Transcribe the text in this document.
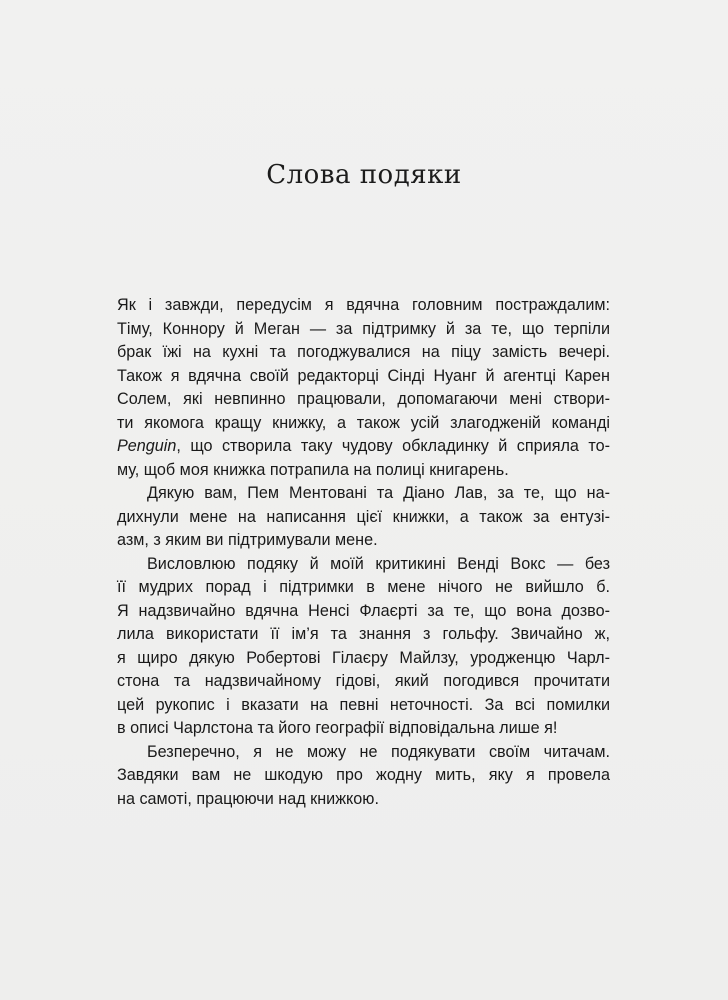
Слова подяки
Як і завжди, передусім я вдячна головним постраждалим:
Тіму, Коннору й Меган — за підтримку й за те, що терпіли
брак їжі на кухні та погоджувалися на піцу замість вечері.
Також я вдячна своїй редакторці Сінді Нуанг й агентці Карен
Солем, які невпинно працювали, допомагаючи мені створи-
ти якомога кращу книжку, а також усій злагодженій команді
Penguin, що створила таку чудову обкладинку й сприяла то-
му, щоб моя книжка потрапила на полиці книгарень.
Дякую вам, Пем Ментовані та Діано Лав, за те, що на-
дихнули мене на написання цієї книжки, а також за ентузі-
азм, з яким ви підтримували мене.
Висловлюю подяку й моїй критикині Венді Вокс — без
її мудрих порад і підтримки в мене нічого не вийшло б.
Я надзвичайно вдячна Ненсі Флаєрті за те, що вона дозво-
лила використати її ім’я та знання з гольфу. Звичайно ж,
я щиро дякую Робертові Гілаєру Майлзу, уродженцю Чарл-
стона та надзвичайному гідові, який погодився прочитати
цей рукопис і вказати на певні неточності. За всі помилки
в описі Чарлстона та його географії відповідальна лише я!
Безперечно, я не можу не подякувати своїм читачам.
Завдяки вам не шкодую про жодну мить, яку я провела
на самоті, працюючи над книжкою.
